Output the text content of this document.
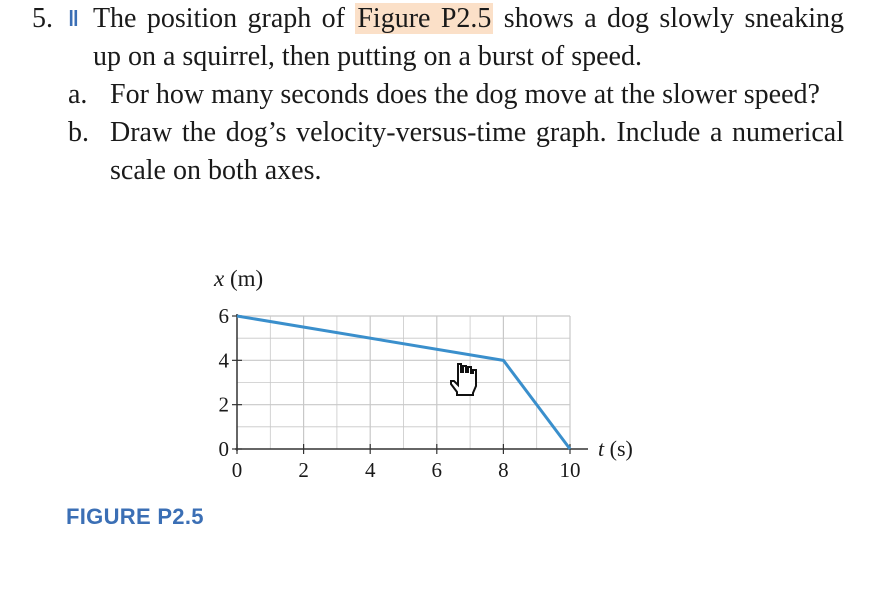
5. ‖ The position graph of Figure P2.5 shows a dog slowly sneaking up on a squirrel, then putting on a burst of speed.
a. For how many seconds does the dog move at the slower speed?
b. Draw the dog’s velocity-versus-time graph. Include a numerical scale on both axes.
0	2	4	6	8 10
0
2
4
6
x (m)
t (s)
FIGURE P2.5
